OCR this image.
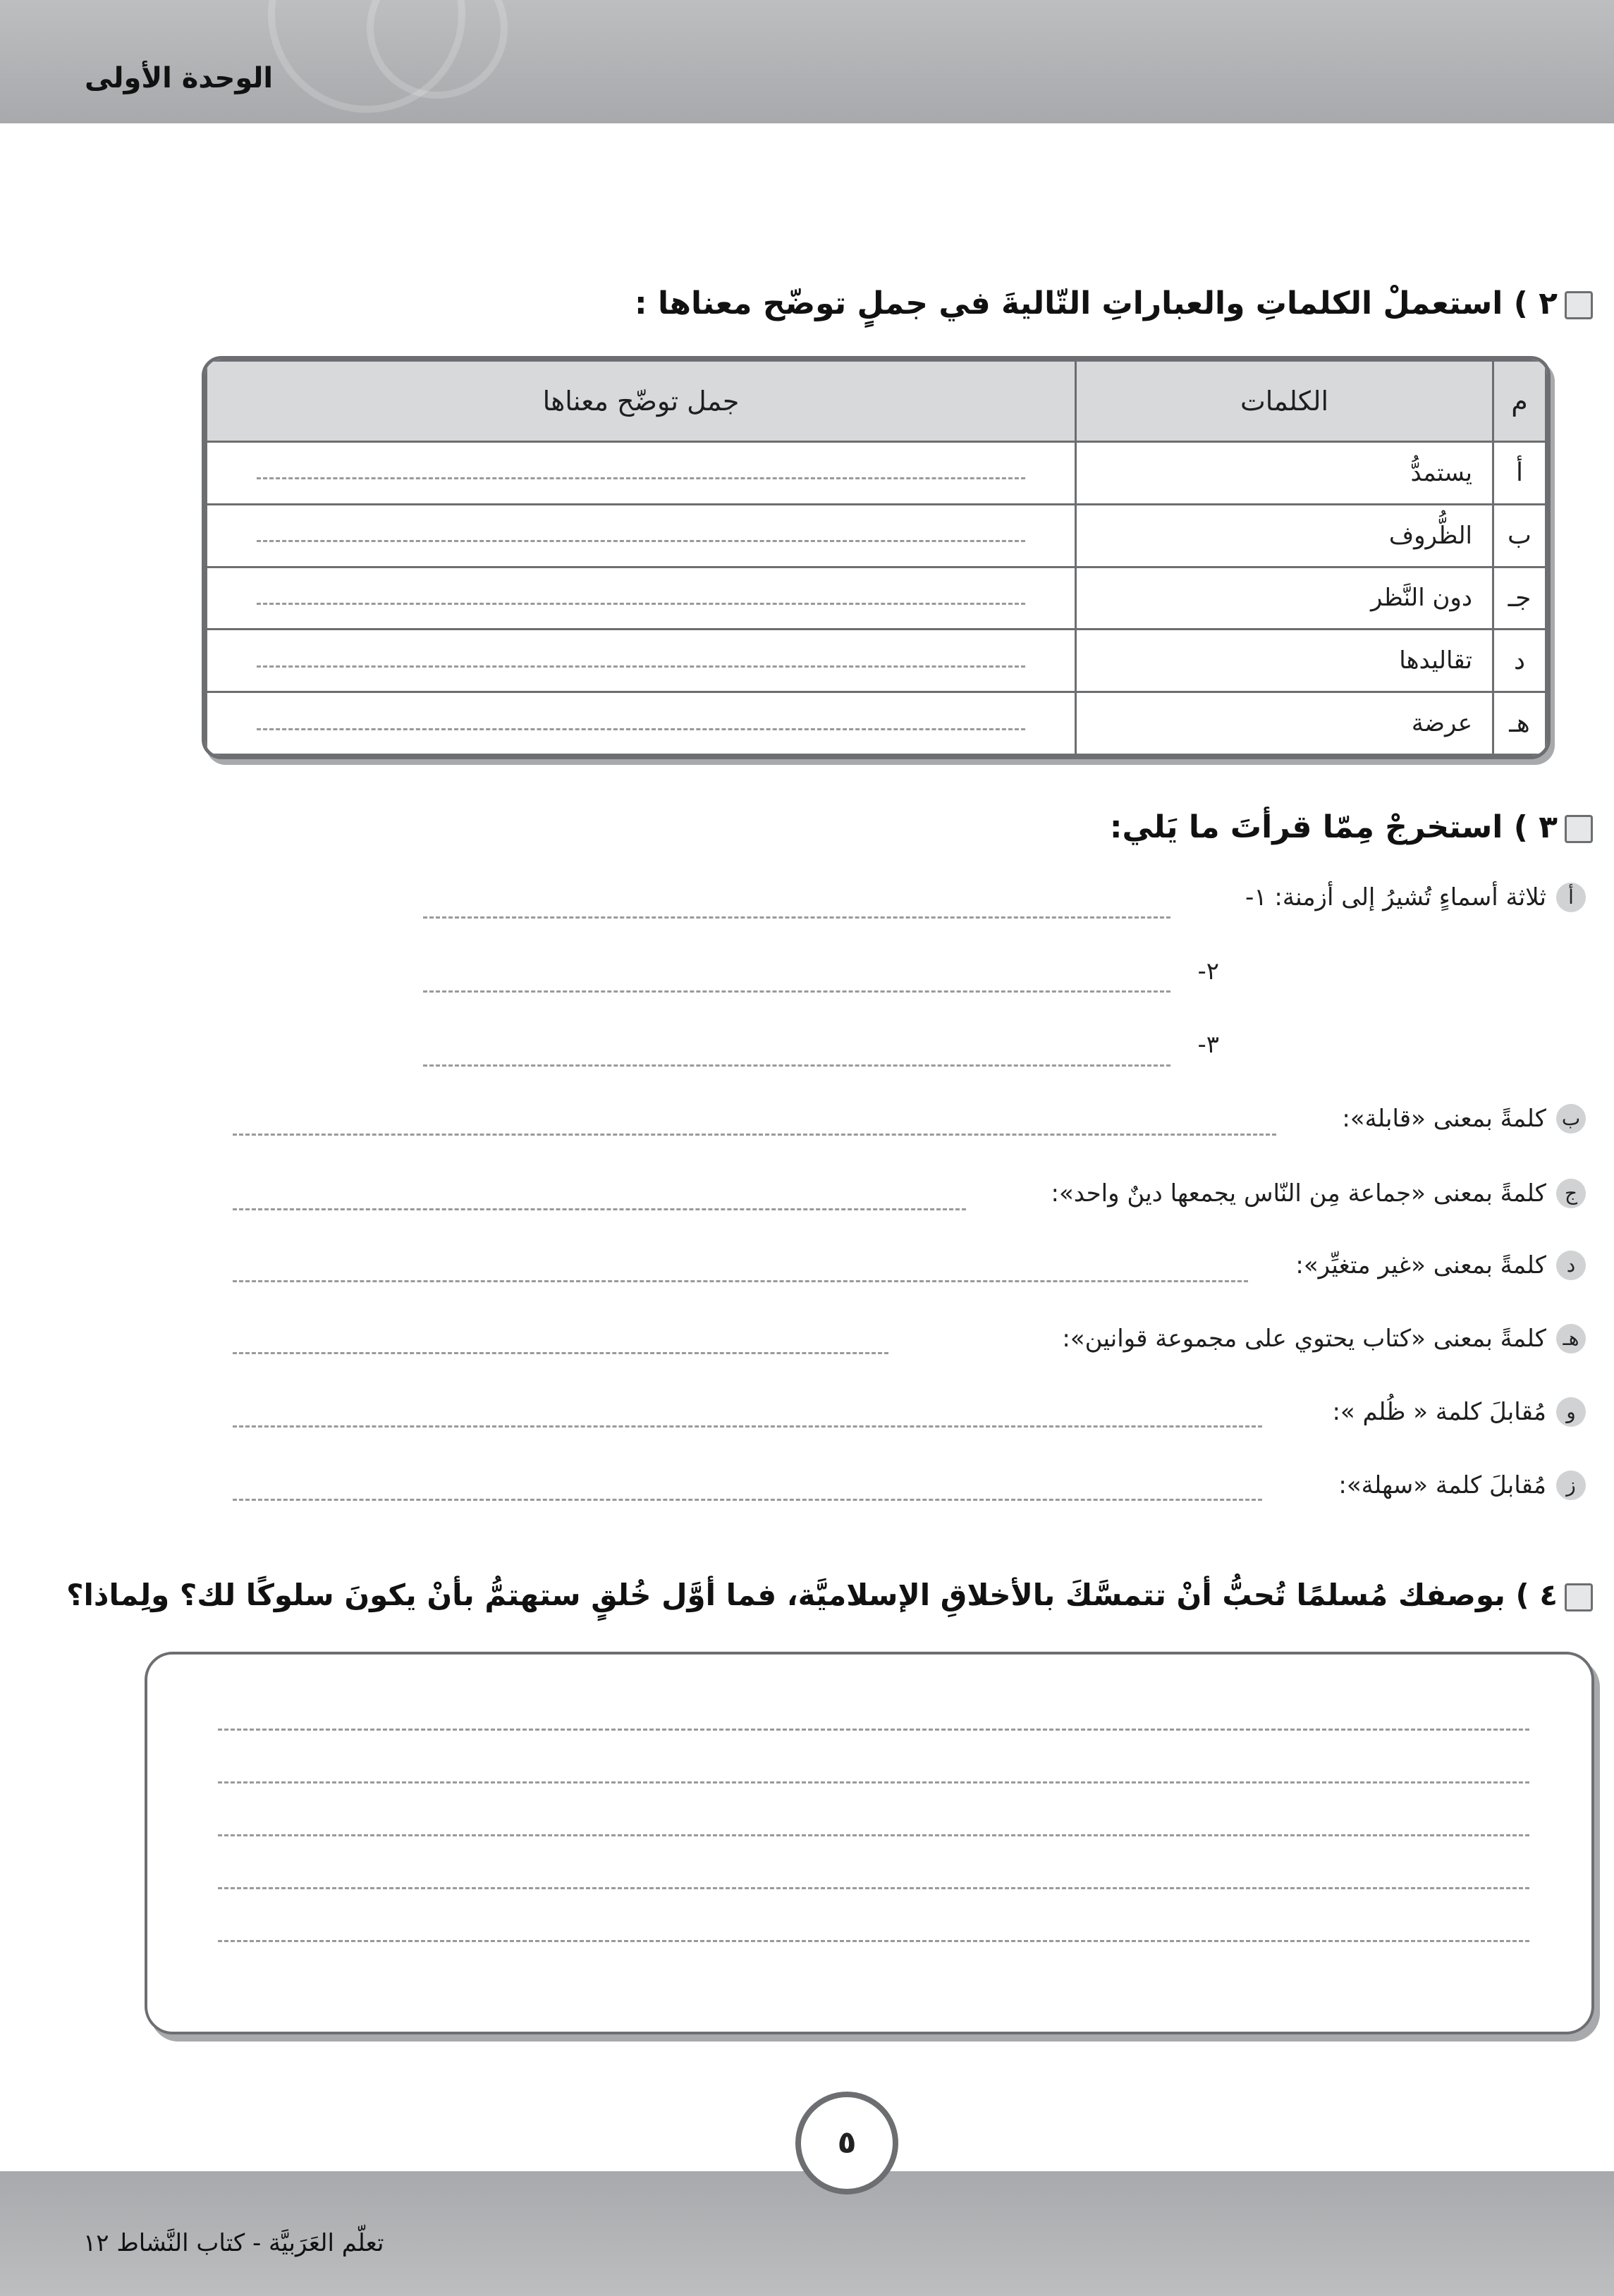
الوحدة الأولى
٢ ) استعملْ الكلماتِ والعباراتِ التّاليةَ في جملٍ توضّح معناها :
م	الكلمات	جمل توضّح معناها
أ	يستمدُّ	

ب	الظُّروف	

جـ	دون النَّظر	

د	تقاليدها	

هـ	عرضة	
٣ ) استخرجْ مِمّا قرأتَ ما يَلي:
أ
ثلاثة أسماءٍ تُشيرُ إلى أزمنة: ١-
٢-
٣-
ب
كلمةً بمعنى «قابلة»:
ج
كلمةً بمعنى «جماعة مِن النّاس يجمعها دينٌ واحد»:
د
كلمةً بمعنى «غير متغيِّر»:
هـ
كلمةً بمعنى «كتاب يحتوي على مجموعة قوانين»:
و
مُقابلَ كلمة « ظُلم »:
ز
مُقابلَ كلمة «سهلة»:
٤ ) بوصفك مُسلمًا تُحبُّ أنْ تتمسَّكَ بالأخلاقِ الإسلاميَّة، فما أوَّل خُلقٍ ستهتمُّ بأنْ يكونَ سلوكًا لك؟ ولِماذا؟
٥
تعلّم العَرَبيَّة - كتاب النَّشاط ١٢
